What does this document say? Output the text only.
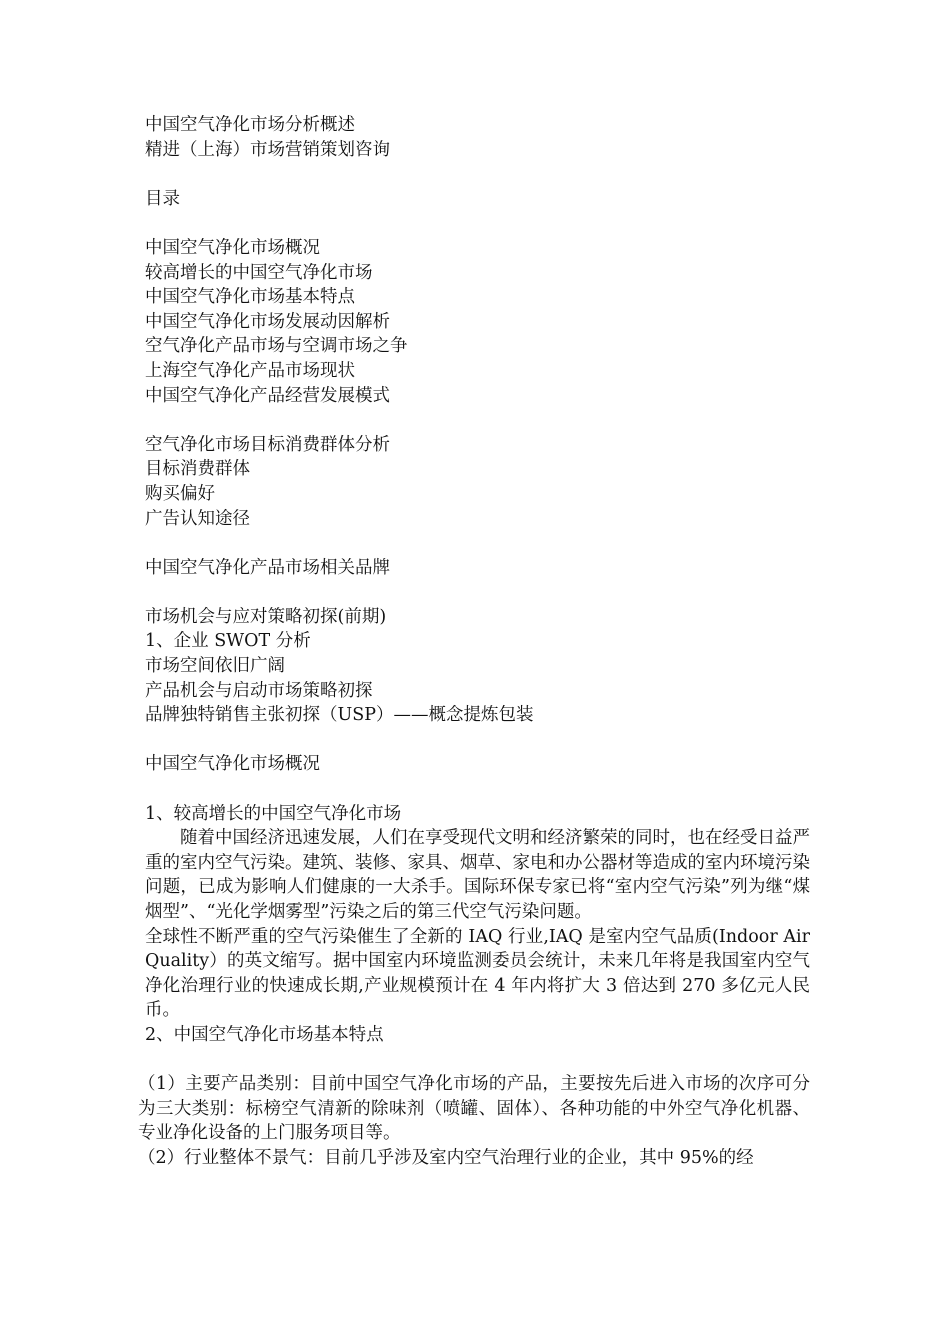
中国空气净化市场分析概述
精进（上海）市场营销策划咨询
目录
中国空气净化市场概况
较高增长的中国空气净化市场
中国空气净化市场基本特点
中国空气净化市场发展动因解析
空气净化产品市场与空调市场之争
上海空气净化产品市场现状
中国空气净化产品经营发展模式
空气净化市场目标消费群体分析
目标消费群体
购买偏好
广告认知途径
中国空气净化产品市场相关品牌
市场机会与应对策略初探(前期)
1、企业 SWOT 分析
市场空间依旧广阔
产品机会与启动市场策略初探
品牌独特销售主张初探（USP）——概念提炼包装
中国空气净化市场概况
1、较高增长的中国空气净化市场

随着中国经济迅速发展，人们在享受现代文明和经济繁荣的同时，也在经受日益严重的室内空气污染。建筑、装修、家具、烟草、家电和办公器材等造成的室内环境污染问题，已成为影响人们健康的一大杀手。国际环保专家已将“室内空气污染”列为继“煤烟型”、“光化学烟雾型”污染之后的第三代空气污染问题。

全球性不断严重的空气污染催生了全新的 IAQ 行业,IAQ 是室内空气品质(Indoor Air Quality）的英文缩写。据中国室内环境监测委员会统计，未来几年将是我国室内空气净化治理行业的快速成长期,产业规模预计在 4 年内将扩大 3 倍达到 270 多亿元人民币。

2、中国空气净化市场基本特点

（1）主要产品类别：目前中国空气净化市场的产品，主要按先后进入市场的次序可分为三大类别：标榜空气清新的除味剂（喷罐、固体）、各种功能的中外空气净化机器、专业净化设备的上门服务项目等。

（2）行业整体不景气：目前几乎涉及室内空气治理行业的企业，其中 95%的经
